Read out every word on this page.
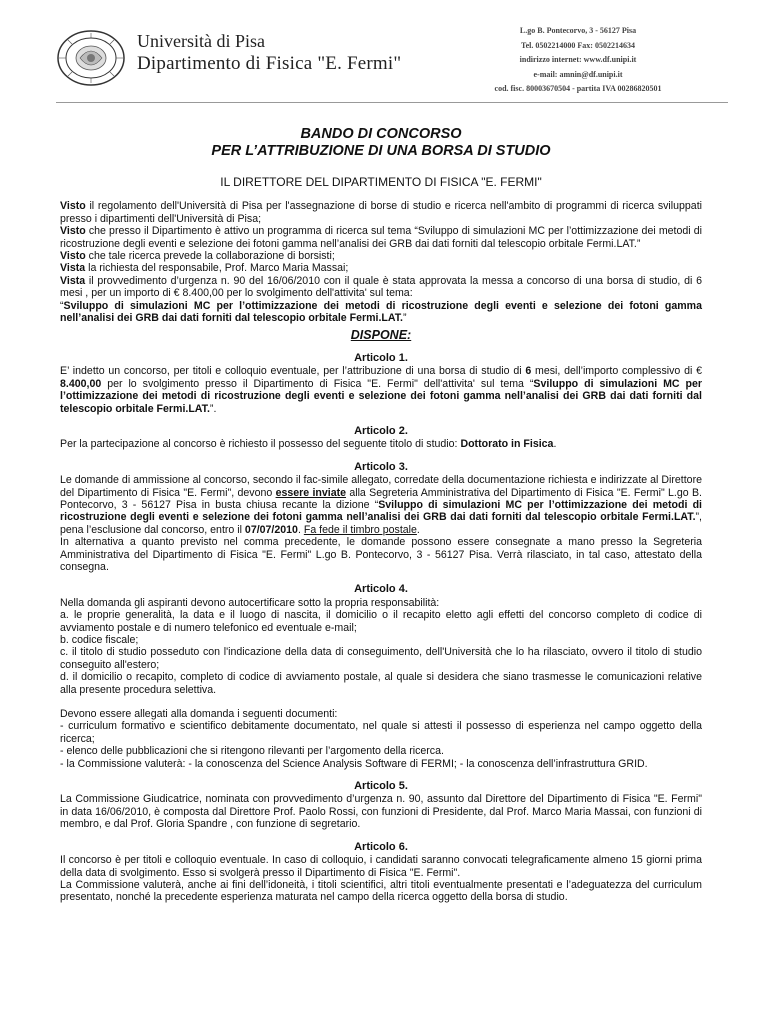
Università di Pisa
Dipartimento di Fisica "E. Fermi"
L.go B. Pontecorvo, 3 - 56127 Pisa
Tel. 0502214000 Fax: 0502214634
indirizzo internet: www.df.unipi.it
e-mail: amnin@df.unipi.it
cod. fisc. 80003670504 - partita IVA 00286820501
BANDO DI CONCORSO
PER L’ATTRIBUZIONE DI UNA BORSA DI STUDIO
IL DIRETTORE DEL DIPARTIMENTO DI FISICA "E. FERMI"

Visto il regolamento dell'Università di Pisa per l'assegnazione di borse di studio e ricerca nell'ambito di programmi di ricerca sviluppati presso i dipartimenti dell'Università di Pisa;

Visto che presso il Dipartimento è attivo un programma di ricerca sul tema “Sviluppo di simulazioni MC per l’ottimizzazione dei metodi di ricostruzione degli eventi e selezione dei fotoni gamma nell’analisi dei GRB dai dati forniti dal telescopio orbitale Fermi.LAT.”

Visto che tale ricerca prevede la collaborazione di borsisti;

Vista la richiesta del responsabile, Prof. Marco Maria Massai;

Vista il provvedimento d’urgenza n. 90 del 16/06/2010 con il quale è stata approvata la messa a concorso di una borsa di studio, di 6 mesi , per un importo di € 8.400,00 per lo svolgimento dell'attivita' sul tema:

“Sviluppo di simulazioni MC per l’ottimizzazione dei metodi di ricostruzione degli eventi e selezione dei fotoni gamma nell’analisi dei GRB dai dati forniti dal telescopio orbitale Fermi.LAT.”

DISPONE:
Articolo 1.

E’ indetto un concorso, per titoli e colloquio eventuale, per l’attribuzione di una borsa di studio di 6 mesi, dell’importo complessivo di € 8.400,00 per lo svolgimento presso il Dipartimento di Fisica "E. Fermi" dell'attivita' sul tema “Sviluppo di simulazioni MC per l’ottimizzazione dei metodi di ricostruzione degli eventi e selezione dei fotoni gamma nell’analisi dei GRB dai dati forniti dal telescopio orbitale Fermi.LAT.”.

Articolo 2.

Per la partecipazione al concorso è richiesto il possesso del seguente titolo di studio: Dottorato in Fisica.

Articolo 3.

Le domande di ammissione al concorso, secondo il fac-simile allegato, corredate della documentazione richiesta e indirizzate al Direttore del Dipartimento di Fisica "E. Fermi", devono essere inviate alla Segreteria Amministrativa del Dipartimento di Fisica "E. Fermi" L.go B. Pontecorvo, 3 - 56127 Pisa in busta chiusa recante la dizione “Sviluppo di simulazioni MC per l’ottimizzazione dei metodi di ricostruzione degli eventi e selezione dei fotoni gamma nell’analisi dei GRB dai dati forniti dal telescopio orbitale Fermi.LAT.”, pena l’esclusione dal concorso, entro il 07/07/2010. Fa fede il timbro postale.

In alternativa a quanto previsto nel comma precedente, le domande possono essere consegnate a mano presso la Segreteria Amministrativa del Dipartimento di Fisica "E. Fermi" L.go B. Pontecorvo, 3 - 56127 Pisa. Verrà rilasciato, in tal caso, attestato della consegna.

Articolo 4.

Nella domanda gli aspiranti devono autocertificare sotto la propria responsabilità:

a. le proprie generalità, la data e il luogo di nascita, il domicilio o il recapito eletto agli effetti del concorso completo di codice di avviamento postale e di numero telefonico ed eventuale e-mail;

b. codice fiscale;

c. il titolo di studio posseduto con l'indicazione della data di conseguimento, dell'Università che lo ha rilasciato, ovvero il titolo di studio conseguito all'estero;

d. il domicilio o recapito, completo di codice di avviamento postale, al quale si desidera che siano trasmesse le comunicazioni relative alla presente procedura selettiva.

Devono essere allegati alla domanda i seguenti documenti:

- curriculum formativo e scientifico debitamente documentato, nel quale si attesti il possesso di esperienza nel campo oggetto della ricerca;

- elenco delle pubblicazioni che si ritengono rilevanti per l’argomento della ricerca.

- la Commissione valuterà: - la conoscenza del Science Analysis Software di FERMI; - la conoscenza dell’infrastruttura GRID.

Articolo 5.

La Commissione Giudicatrice, nominata con provvedimento d’urgenza n. 90, assunto dal Direttore del Dipartimento di Fisica "E. Fermi" in data 16/06/2010, è composta dal Direttore Prof. Paolo Rossi, con funzioni di Presidente, dal Prof. Marco Maria Massai, con funzioni di membro, e dal Prof. Gloria Spandre , con funzione di segretario.

Articolo 6.

Il concorso è per titoli e colloquio eventuale. In caso di colloquio, i candidati saranno convocati telegraficamente almeno 15 giorni prima della data di svolgimento. Esso si svolgerà presso il Dipartimento di Fisica "E. Fermi".

La Commissione valuterà, anche ai fini dell’idoneità, i titoli scientifici, altri titoli eventualmente presentati e l’adeguatezza del curriculum presentato, nonché la precedente esperienza maturata nel campo della ricerca oggetto della borsa di studio.
